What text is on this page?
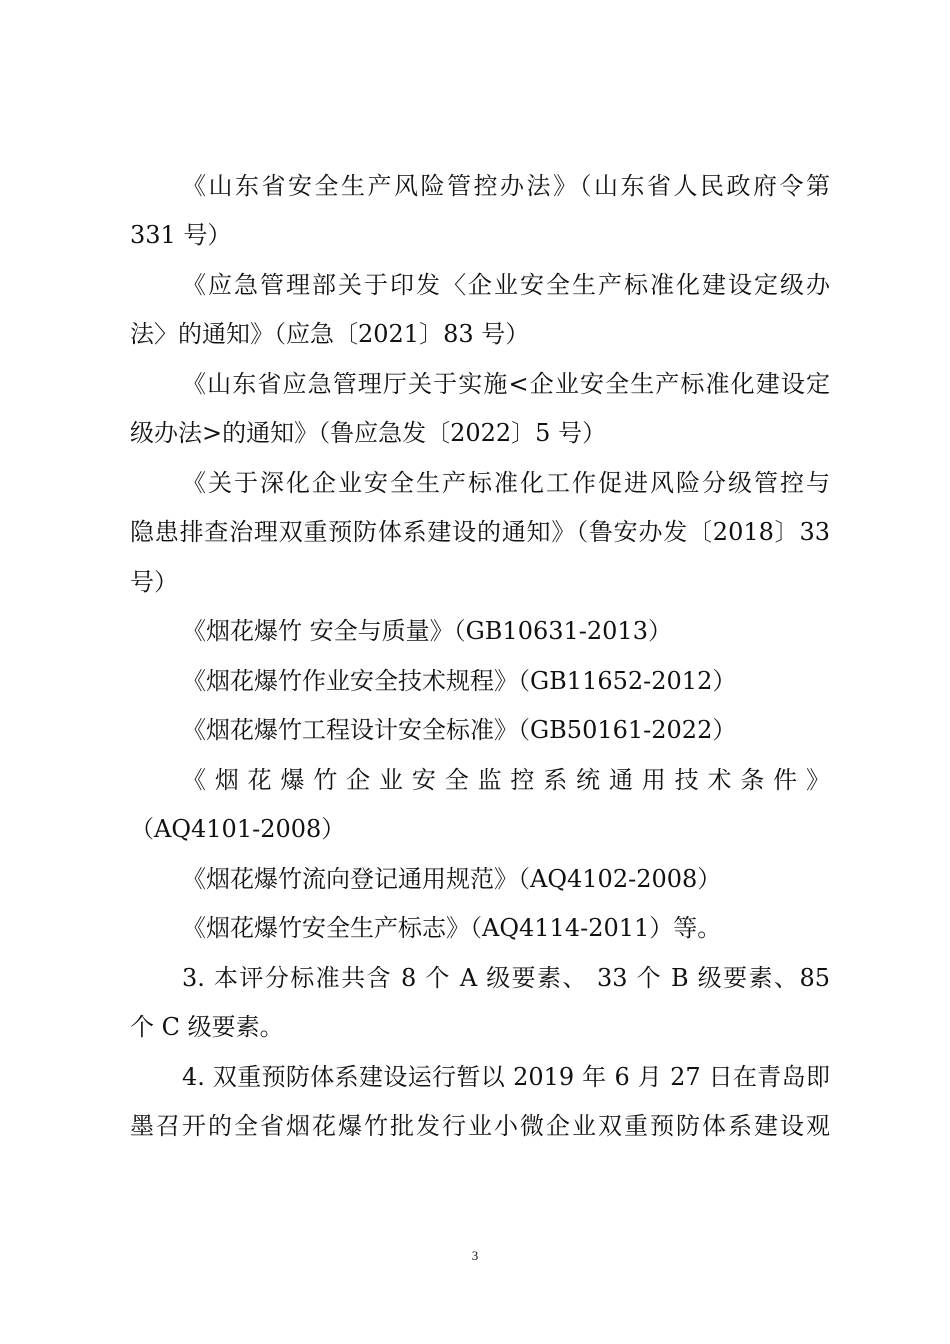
《山东省安全生产风险管控办法》（山东省人民政府令第
331 号）
《应急管理部关于印发〈企业安全生产标准化建设定级办
法〉的通知》（应急〔2021〕83 号）
《山东省应急管理厅关于实施<企业安全生产标准化建设定
级办法>的通知》（鲁应急发〔2022〕5 号）
《关于深化企业安全生产标准化工作促进风险分级管控与
隐患排查治理双重预防体系建设的通知》（鲁安办发〔2018〕33
号）
《烟花爆竹 安全与质量》（GB10631-2013）
《烟花爆竹作业安全技术规程》（GB11652-2012）
《烟花爆竹工程设计安全标准》（GB50161-2022）
《烟花爆竹企业安全监控系统通用技术条件》
（AQ4101-2008）
《烟花爆竹流向登记通用规范》（AQ4102-2008）
《烟花爆竹安全生产标志》（AQ4114-2011）等。
3. 本评分标准共含 8 个 A 级要素、 33 个 B 级要素、85
个 C 级要素。
4. 双重预防体系建设运行暂以 2019 年 6 月 27 日在青岛即
墨召开的全省烟花爆竹批发行业小微企业双重预防体系建设观
3
